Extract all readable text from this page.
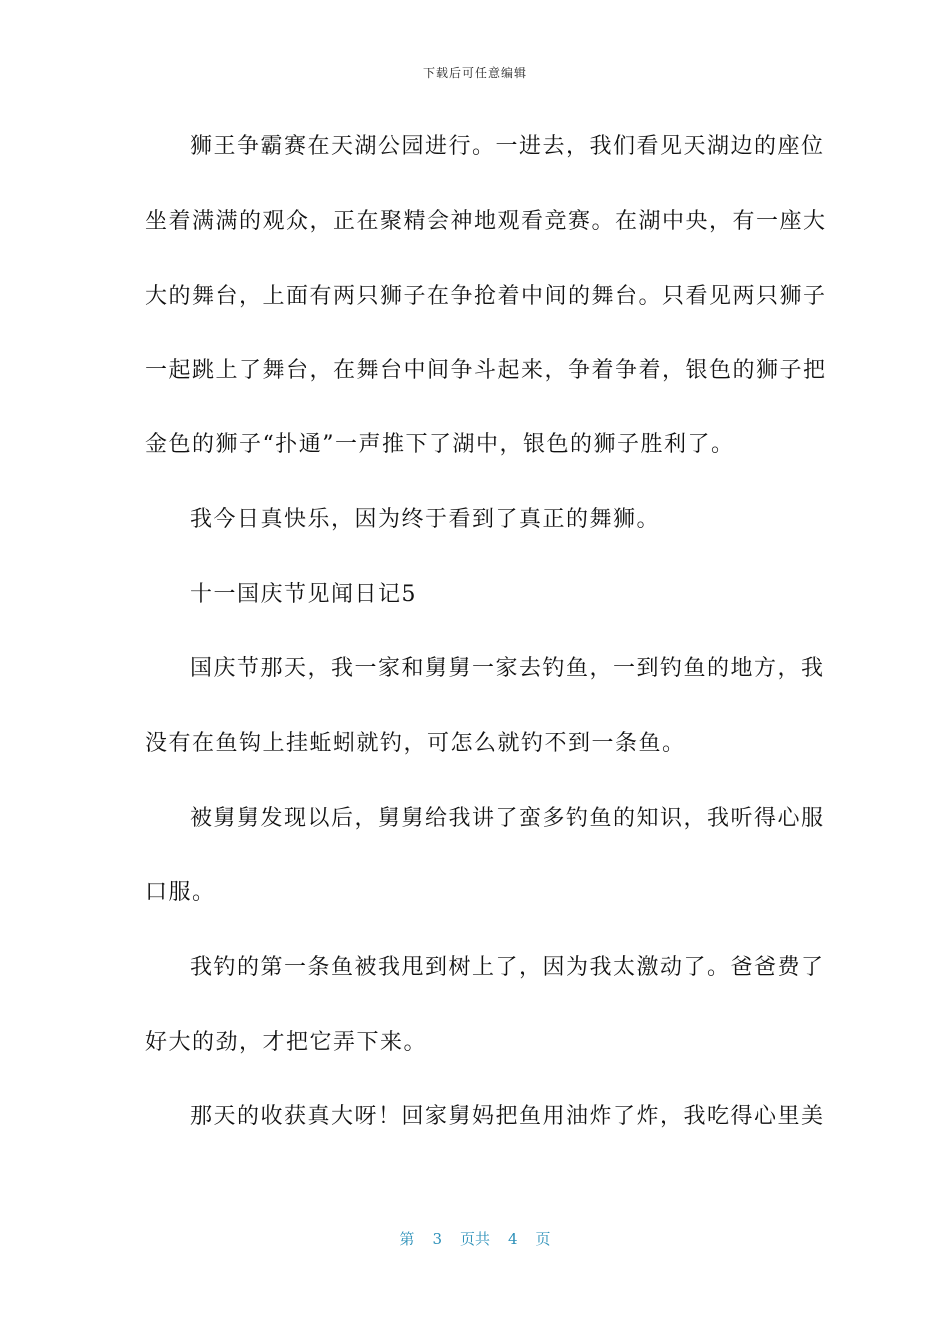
下载后可任意编辑
狮王争霸赛在天湖公园进行。一进去，我们看见天湖边的座位
坐着满满的观众，正在聚精会神地观看竞赛。在湖中央，有一座大
大的舞台，上面有两只狮子在争抢着中间的舞台。只看见两只狮子
一起跳上了舞台，在舞台中间争斗起来，争着争着，银色的狮子把
金色的狮子“扑通”一声推下了湖中，银色的狮子胜利了。
我今日真快乐，因为终于看到了真正的舞狮。
十一国庆节见闻日记5
国庆节那天，我一家和舅舅一家去钓鱼，一到钓鱼的地方，我
没有在鱼钩上挂蚯蚓就钓，可怎么就钓不到一条鱼。
被舅舅发现以后，舅舅给我讲了蛮多钓鱼的知识，我听得心服
口服。
我钓的第一条鱼被我甩到树上了，因为我太激动了。爸爸费了
好大的劲，才把它弄下来。
那天的收获真大呀！回家舅妈把鱼用油炸了炸，我吃得心里美
第 3 页共 4 页
